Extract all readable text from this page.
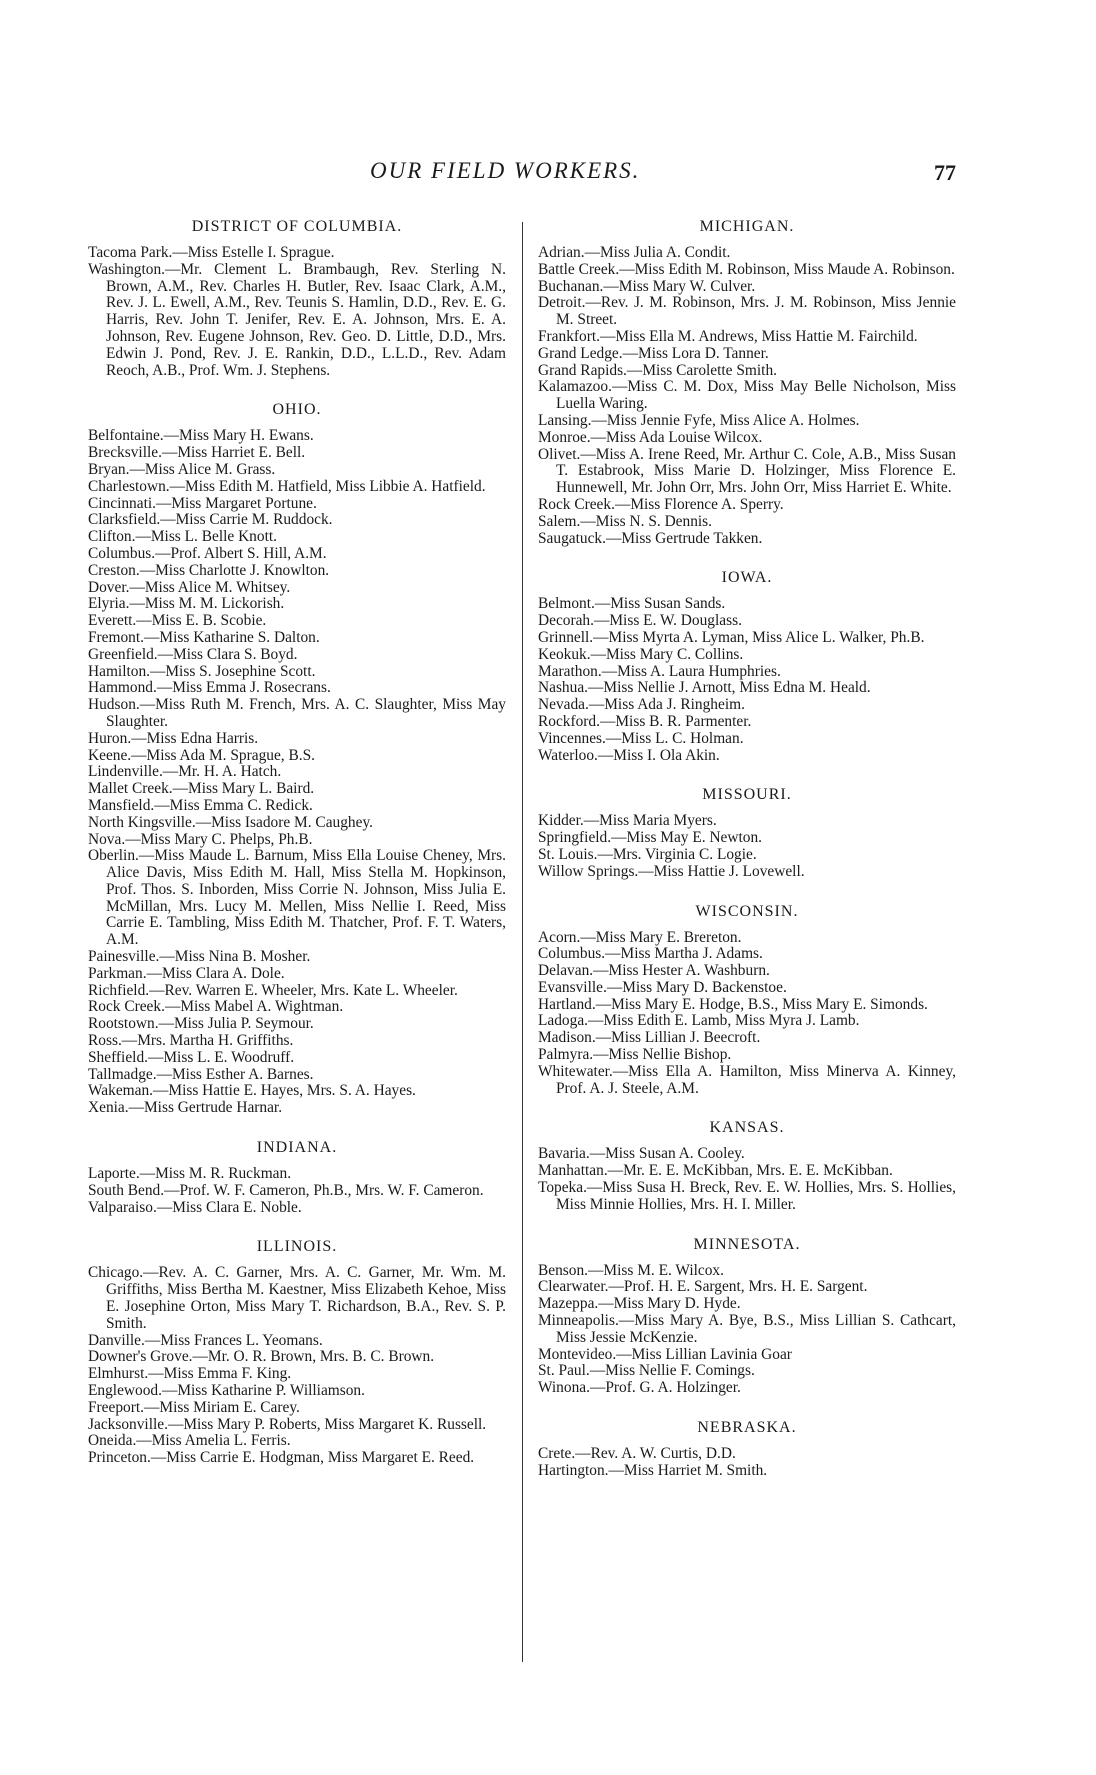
OUR FIELD WORKERS.	77
DISTRICT OF COLUMBIA.
Tacoma Park.—Miss Estelle I. Sprague.
Washington.—Mr. Clement L. Brambaugh, Rev. Sterling N. Brown, A.M., Rev. Charles H. Butler, Rev. Isaac Clark, A.M., Rev. J. L. Ewell, A.M., Rev. Teunis S. Hamlin, D.D., Rev. E. G. Harris, Rev. John T. Jenifer, Rev. E. A. Johnson, Mrs. E. A. Johnson, Rev. Eugene Johnson, Rev. Geo. D. Little, D.D., Mrs. Edwin J. Pond, Rev. J. E. Rankin, D.D., L.L.D., Rev. Adam Reoch, A.B., Prof. Wm. J. Stephens.
OHIO.
Belfontaine.—Miss Mary H. Ewans.
Brecksville.—Miss Harriet E. Bell.
Bryan.—Miss Alice M. Grass.
Charlestown.—Miss Edith M. Hatfield, Miss Libbie A. Hatfield.
Cincinnati.—Miss Margaret Portune.
Clarksfield.—Miss Carrie M. Ruddock.
Clifton.—Miss L. Belle Knott.
Columbus.—Prof. Albert S. Hill, A.M.
Creston.—Miss Charlotte J. Knowlton.
Dover.—Miss Alice M. Whitsey.
Elyria.—Miss M. M. Lickorish.
Everett.—Miss E. B. Scobie.
Fremont.—Miss Katharine S. Dalton.
Greenfield.—Miss Clara S. Boyd.
Hamilton.—Miss S. Josephine Scott.
Hammond.—Miss Emma J. Rosecrans.
Hudson.—Miss Ruth M. French, Mrs. A. C. Slaughter, Miss May Slaughter.
Huron.—Miss Edna Harris.
Keene.—Miss Ada M. Sprague, B.S.
Lindenville.—Mr. H. A. Hatch.
Mallet Creek.—Miss Mary L. Baird.
Mansfield.—Miss Emma C. Redick.
North Kingsville.—Miss Isadore M. Caughey.
Nova.—Miss Mary C. Phelps, Ph.B.
Oberlin.—Miss Maude L. Barnum, Miss Ella Louise Cheney, Mrs. Alice Davis, Miss Edith M. Hall, Miss Stella M. Hopkinson, Prof. Thos. S. Inborden, Miss Corrie N. Johnson, Miss Julia E. McMillan, Mrs. Lucy M. Mellen, Miss Nellie I. Reed, Miss Carrie E. Tambling, Miss Edith M. Thatcher, Prof. F. T. Waters, A.M.
Painesville.—Miss Nina B. Mosher.
Parkman.—Miss Clara A. Dole.
Richfield.—Rev. Warren E. Wheeler, Mrs. Kate L. Wheeler.
Rock Creek.—Miss Mabel A. Wightman.
Rootstown.—Miss Julia P. Seymour.
Ross.—Mrs. Martha H. Griffiths.
Sheffield.—Miss L. E. Woodruff.
Tallmadge.—Miss Esther A. Barnes.
Wakeman.—Miss Hattie E. Hayes, Mrs. S. A. Hayes.
Xenia.—Miss Gertrude Harnar.
INDIANA.
Laporte.—Miss M. R. Ruckman.
South Bend.—Prof. W. F. Cameron, Ph.B., Mrs. W. F. Cameron.
Valparaiso.—Miss Clara E. Noble.
ILLINOIS.
Chicago.—Rev. A. C. Garner, Mrs. A. C. Garner, Mr. Wm. M. Griffiths, Miss Bertha M. Kaestner, Miss Elizabeth Kehoe, Miss E. Josephine Orton, Miss Mary T. Richardson, B.A., Rev. S. P. Smith.
Danville.—Miss Frances L. Yeomans.
Downer's Grove.—Mr. O. R. Brown, Mrs. B. C. Brown.
Elmhurst.—Miss Emma F. King.
Englewood.—Miss Katharine P. Williamson.
Freeport.—Miss Miriam E. Carey.
Jacksonville.—Miss Mary P. Roberts, Miss Margaret K. Russell.
Oneida.—Miss Amelia L. Ferris.
Princeton.—Miss Carrie E. Hodgman, Miss Margaret E. Reed.
MICHIGAN.
Adrian.—Miss Julia A. Condit.
Battle Creek.—Miss Edith M. Robinson, Miss Maude A. Robinson.
Buchanan.—Miss Mary W. Culver.
Detroit.—Rev. J. M. Robinson, Mrs. J. M. Robinson, Miss Jennie M. Street.
Frankfort.—Miss Ella M. Andrews, Miss Hattie M. Fairchild.
Grand Ledge.—Miss Lora D. Tanner.
Grand Rapids.—Miss Carolette Smith.
Kalamazoo.—Miss C. M. Dox, Miss May Belle Nicholson, Miss Luella Waring.
Lansing.—Miss Jennie Fyfe, Miss Alice A. Holmes.
Monroe.—Miss Ada Louise Wilcox.
Olivet.—Miss A. Irene Reed, Mr. Arthur C. Cole, A.B., Miss Susan T. Estabrook, Miss Marie D. Holzinger, Miss Florence E. Hunnewell, Mr. John Orr, Mrs. John Orr, Miss Harriet E. White.
Rock Creek.—Miss Florence A. Sperry.
Salem.—Miss N. S. Dennis.
Saugatuck.—Miss Gertrude Takken.
IOWA.
Belmont.—Miss Susan Sands.
Decorah.—Miss E. W. Douglass.
Grinnell.—Miss Myrta A. Lyman, Miss Alice L. Walker, Ph.B.
Keokuk.—Miss Mary C. Collins.
Marathon.—Miss A. Laura Humphries.
Nashua.—Miss Nellie J. Arnott, Miss Edna M. Heald.
Nevada.—Miss Ada J. Ringheim.
Rockford.—Miss B. R. Parmenter.
Vincennes.—Miss L. C. Holman.
Waterloo.—Miss I. Ola Akin.
MISSOURI.
Kidder.—Miss Maria Myers.
Springfield.—Miss May E. Newton.
St. Louis.—Mrs. Virginia C. Logie.
Willow Springs.—Miss Hattie J. Lovewell.
WISCONSIN.
Acorn.—Miss Mary E. Brereton.
Columbus.—Miss Martha J. Adams.
Delavan.—Miss Hester A. Washburn.
Evansville.—Miss Mary D. Backenstoe.
Hartland.—Miss Mary E. Hodge, B.S., Miss Mary E. Simonds.
Ladoga.—Miss Edith E. Lamb, Miss Myra J. Lamb.
Madison.—Miss Lillian J. Beecroft.
Palmyra.—Miss Nellie Bishop.
Whitewater.—Miss Ella A. Hamilton, Miss Minerva A. Kinney, Prof. A. J. Steele, A.M.
KANSAS.
Bavaria.—Miss Susan A. Cooley.
Manhattan.—Mr. E. E. McKibban, Mrs. E. E. McKibban.
Topeka.—Miss Susa H. Breck, Rev. E. W. Hollies, Mrs. S. Hollies, Miss Minnie Hollies, Mrs. H. I. Miller.
MINNESOTA.
Benson.—Miss M. E. Wilcox.
Clearwater.—Prof. H. E. Sargent, Mrs. H. E. Sargent.
Mazeppa.—Miss Mary D. Hyde.
Minneapolis.—Miss Mary A. Bye, B.S., Miss Lillian S. Cathcart, Miss Jessie McKenzie.
Montevideo.—Miss Lillian Lavinia Goar
St. Paul.—Miss Nellie F. Comings.
Winona.—Prof. G. A. Holzinger.
NEBRASKA.
Crete.—Rev. A. W. Curtis, D.D.
Hartington.—Miss Harriet M. Smith.
